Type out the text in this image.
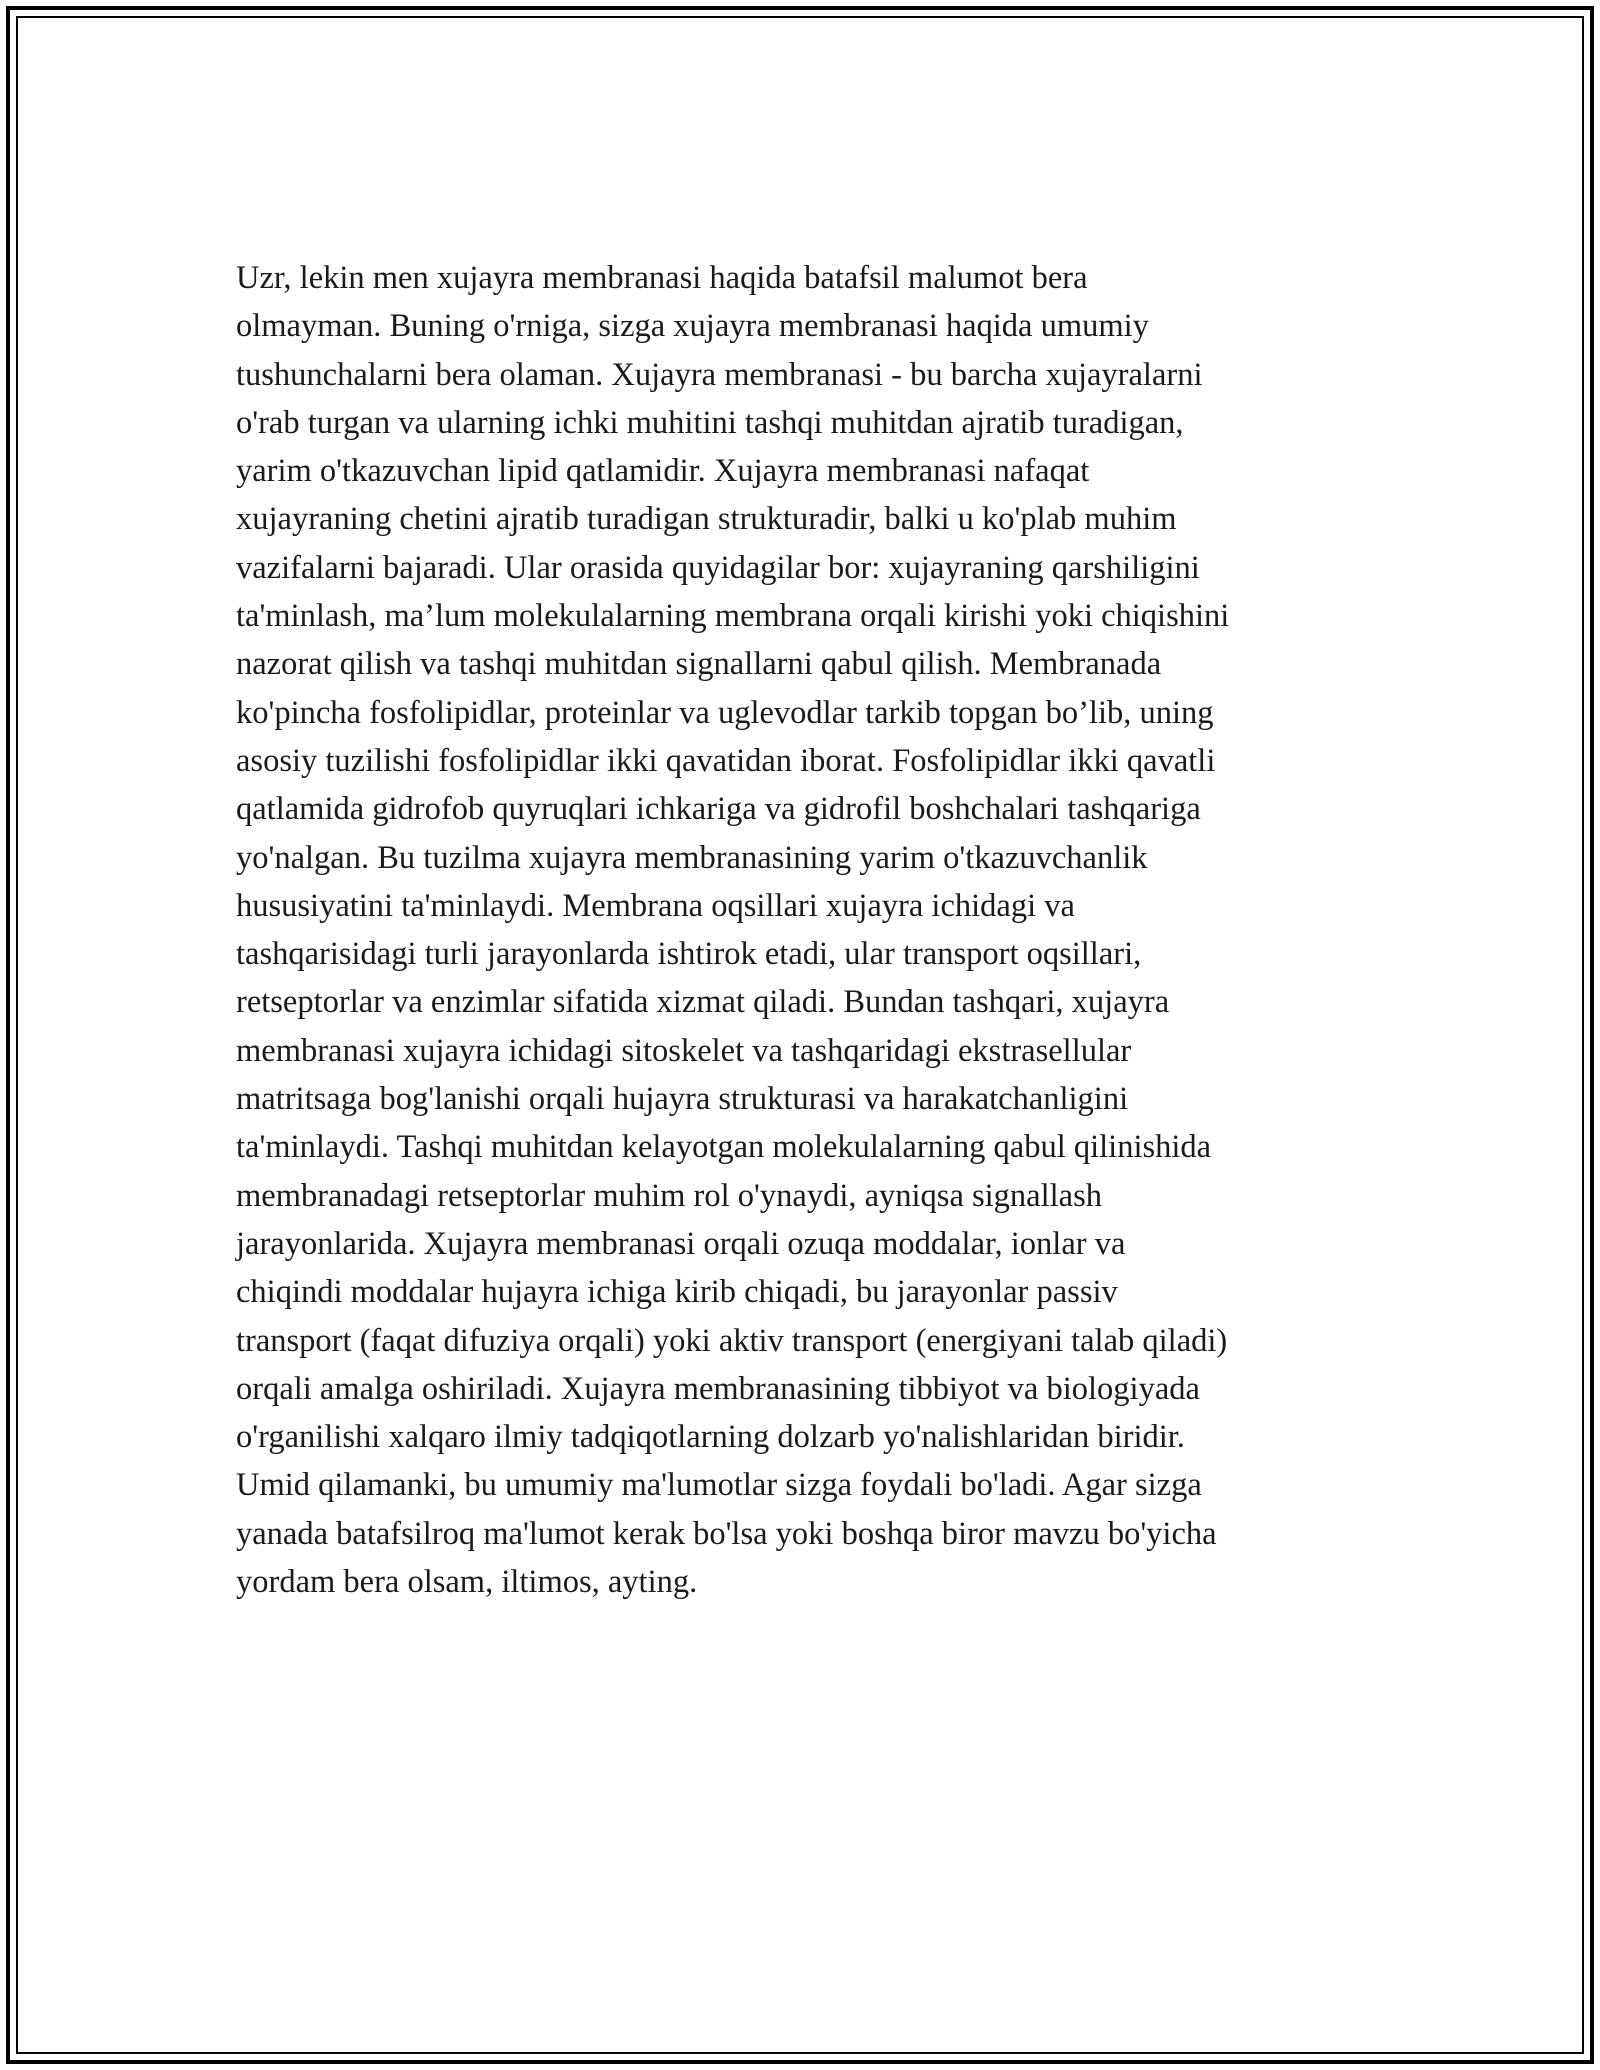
Uzr, lekin men xujayra membranasi haqida batafsil malumot bera
olmayman. Buning o'rniga, sizga xujayra membranasi haqida umumiy
tushunchalarni bera olaman. Xujayra membranasi - bu barcha xujayralarni
o'rab turgan va ularning ichki muhitini tashqi muhitdan ajratib turadigan,
yarim o'tkazuvchan lipid qatlamidir. Xujayra membranasi nafaqat
xujayraning chetini ajratib turadigan strukturadir, balki u ko'plab muhim
vazifalarni bajaradi. Ular orasida quyidagilar bor: xujayraning qarshiligini
ta'minlash, ma’lum molekulalarning membrana orqali kirishi yoki chiqishini
nazorat qilish va tashqi muhitdan signallarni qabul qilish. Membranada
ko'pincha fosfolipidlar, proteinlar va uglevodlar tarkib topgan bo’lib, uning
asosiy tuzilishi fosfolipidlar ikki qavatidan iborat. Fosfolipidlar ikki qavatli
qatlamida gidrofob quyruqlari ichkariga va gidrofil boshchalari tashqariga
yo'nalgan. Bu tuzilma xujayra membranasining yarim o'tkazuvchanlik
hususiyatini ta'minlaydi. Membrana oqsillari xujayra ichidagi va
tashqarisidagi turli jarayonlarda ishtirok etadi, ular transport oqsillari,
retseptorlar va enzimlar sifatida xizmat qiladi. Bundan tashqari, xujayra
membranasi xujayra ichidagi sitoskelet va tashqaridagi ekstrasellular
matritsaga bog'lanishi orqali hujayra strukturasi va harakatchanligini
ta'minlaydi. Tashqi muhitdan kelayotgan molekulalarning qabul qilinishida
membranadagi retseptorlar muhim rol o'ynaydi, ayniqsa signallash
jarayonlarida. Xujayra membranasi orqali ozuqa moddalar, ionlar va
chiqindi moddalar hujayra ichiga kirib chiqadi, bu jarayonlar passiv
transport (faqat difuziya orqali) yoki aktiv transport (energiyani talab qiladi)
orqali amalga oshiriladi. Xujayra membranasining tibbiyot va biologiyada
o'rganilishi xalqaro ilmiy tadqiqotlarning dolzarb yo'nalishlaridan biridir.
Umid qilamanki, bu umumiy ma'lumotlar sizga foydali bo'ladi. Agar sizga
yanada batafsilroq ma'lumot kerak bo'lsa yoki boshqa biror mavzu bo'yicha
yordam bera olsam, iltimos, ayting.
